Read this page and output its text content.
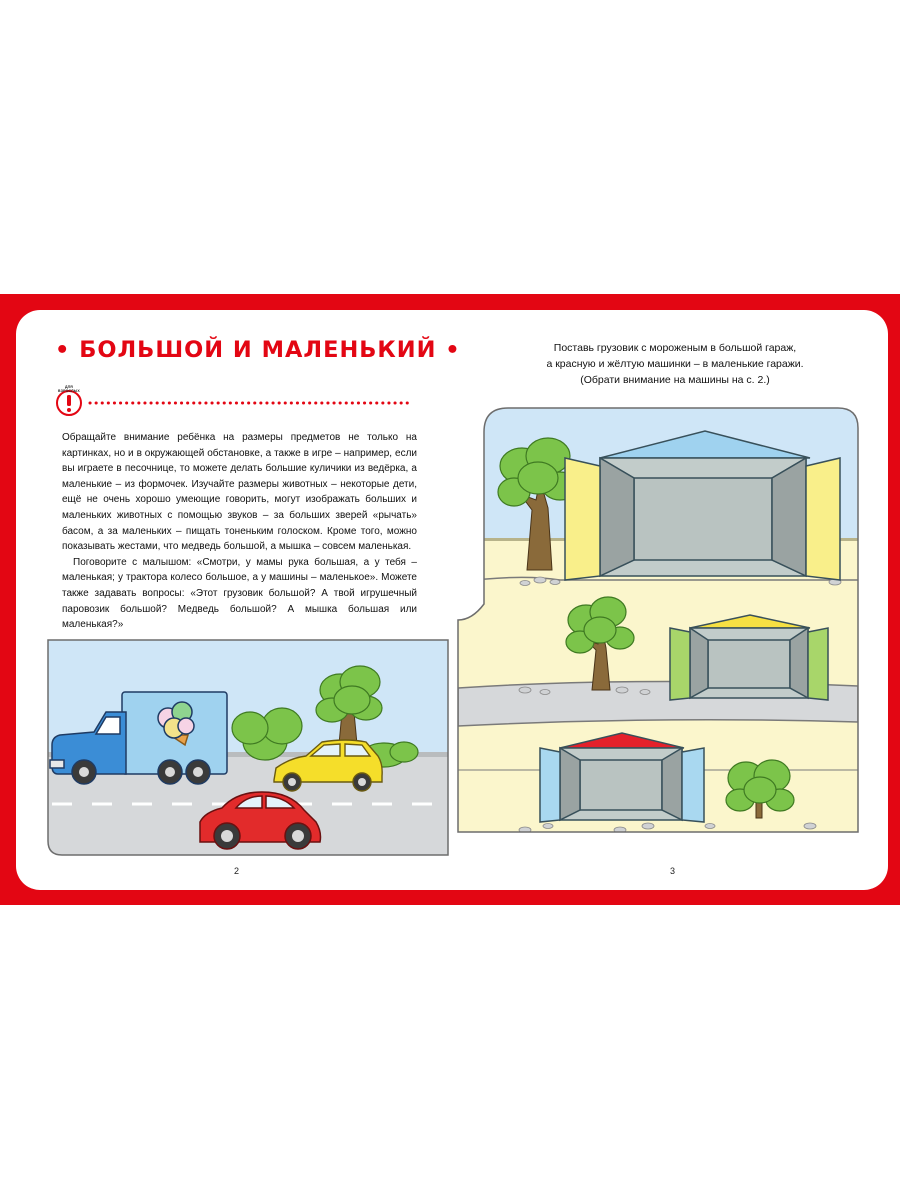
• БОЛЬШОЙ И МАЛЕНЬКИЙ •
ДЛЯ ВЗРОСЛЫХ
Поставь грузовик с мороженым в большой гараж,
а красную и жёлтую машинки – в маленькие гаражи.
(Обрати внимание на машины на с. 2.)

Обращайте внимание ребёнка на размеры предметов не только на картинках, но и в окружающей обстановке, а также в игре – например, если вы играете в песочнице, то можете делать большие куличики из ведёрка, а маленькие – из формочек. Изучайте размеры животных – некоторые дети, ещё не очень хорошо умеющие говорить, могут изображать больших и маленьких животных с помощью звуков – за больших зверей «рычать» басом, а за маленьких – пищать тоненьким голоском. Кроме того, можно показывать жестами, что медведь большой, а мышка – совсем маленькая.

Поговорите с малышом: «Смотри, у мамы рука большая, а у тебя – маленькая; у трактора колесо большое, а у машины – маленькое». Можете также задавать вопросы: «Этот грузовик большой? А твой игрушечный паровозик большой? Медведь большой? А мышка большая или маленькая?»

2	3
